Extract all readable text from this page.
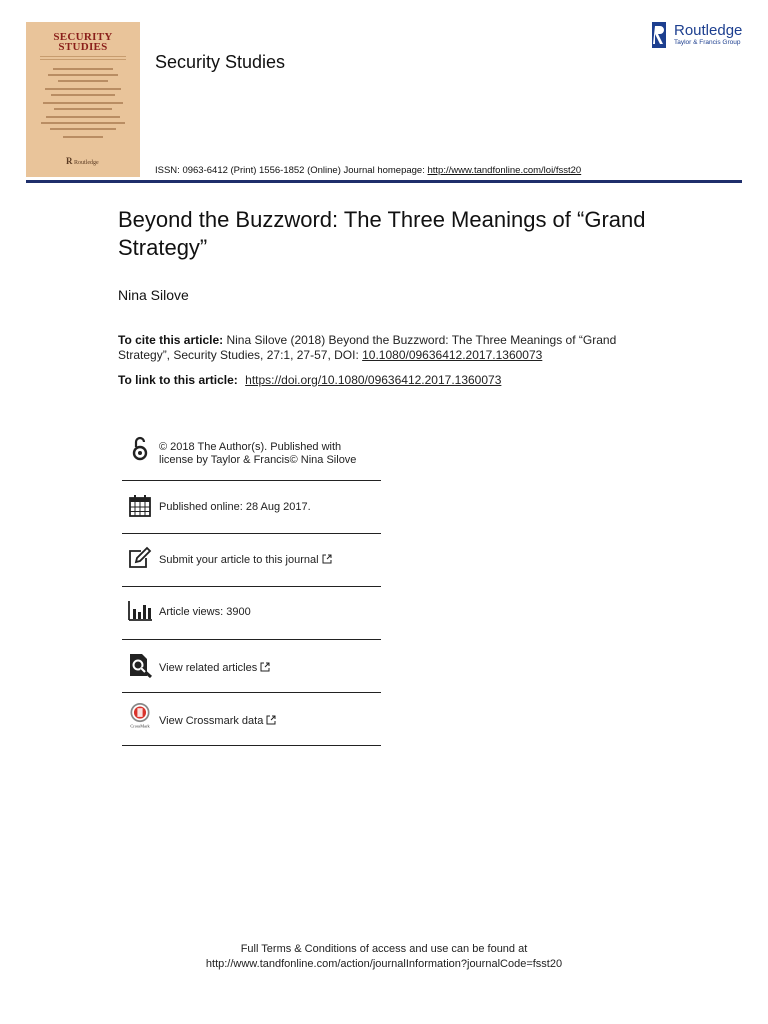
SECURITY
STUDIES
R Routledge
Security Studies
Routledge
Taylor & Francis Group
ISSN: 0963-6412 (Print) 1556-1852 (Online) Journal homepage: http://www.tandfonline.com/loi/fsst20
Beyond the Buzzword: The Three Meanings of “Grand Strategy”
Nina Silove
To cite this article: Nina Silove (2018) Beyond the Buzzword: The Three Meanings of “Grand Strategy”, Security Studies, 27:1, 27-57, DOI: 10.1080/09636412.2017.1360073
To link to this article: https://doi.org/10.1080/09636412.2017.1360073
© 2018 The Author(s). Published with
license by Taylor & Francis© Nina Silove
Published online: 28 Aug 2017.
Submit your article to this journal
Article views: 3900
View related articles
CrossMark View Crossmark data
Full Terms & Conditions of access and use can be found at
http://www.tandfonline.com/action/journalInformation?journalCode=fsst20
